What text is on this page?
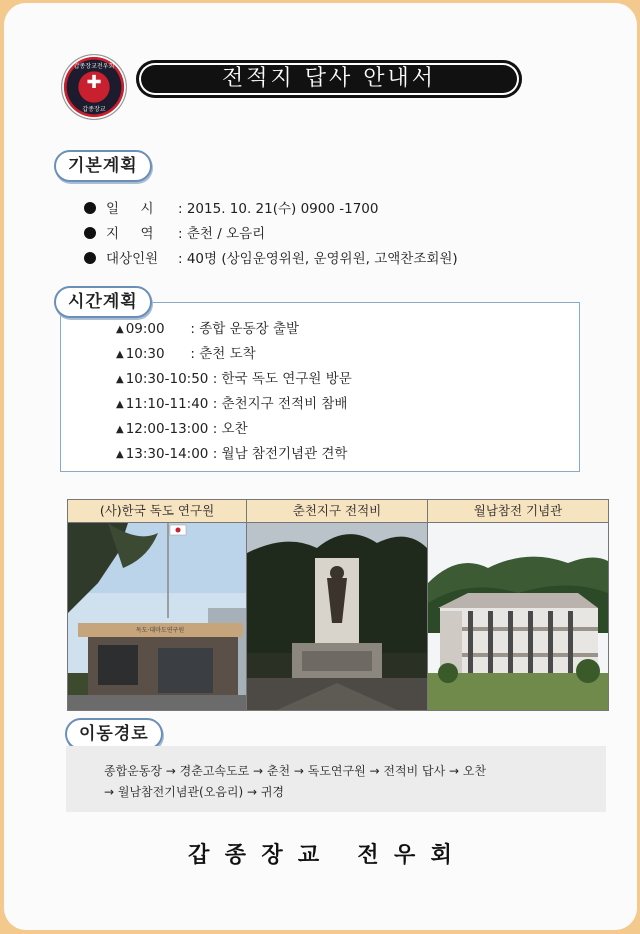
갑종장교전우회
✚
갑종장교
전적지 답사 안내서
기본계획
일     시 : 2015. 10. 21(수) 0900 -1700
지     역 : 춘천 / 오음리
대상인원 : 40명 (상임운영위원, 운영위원, 고액찬조회원)
시간계획
▲ 09:00      : 종합 운동장 출발
▲ 10:30      : 춘천 도착
▲ 10:30-10:50 : 한국 독도 연구원 방문
▲ 11:10-11:40 : 춘천지구 전적비 참배
▲ 12:00-13:00 : 오찬
▲ 13:30-14:00 : 월남 참전기념관 견학
(사)한국 독도 연구원
독도·대마도연구원
춘천지구 전적비	월남참전 기념관
이동경로
종합운동장 → 경춘고속도로 → 춘천 → 독도연구원 → 전적비 답사 → 오찬
→ 월남참전기념관(오음리) → 귀경
갑  종  장  교     전  우  회
